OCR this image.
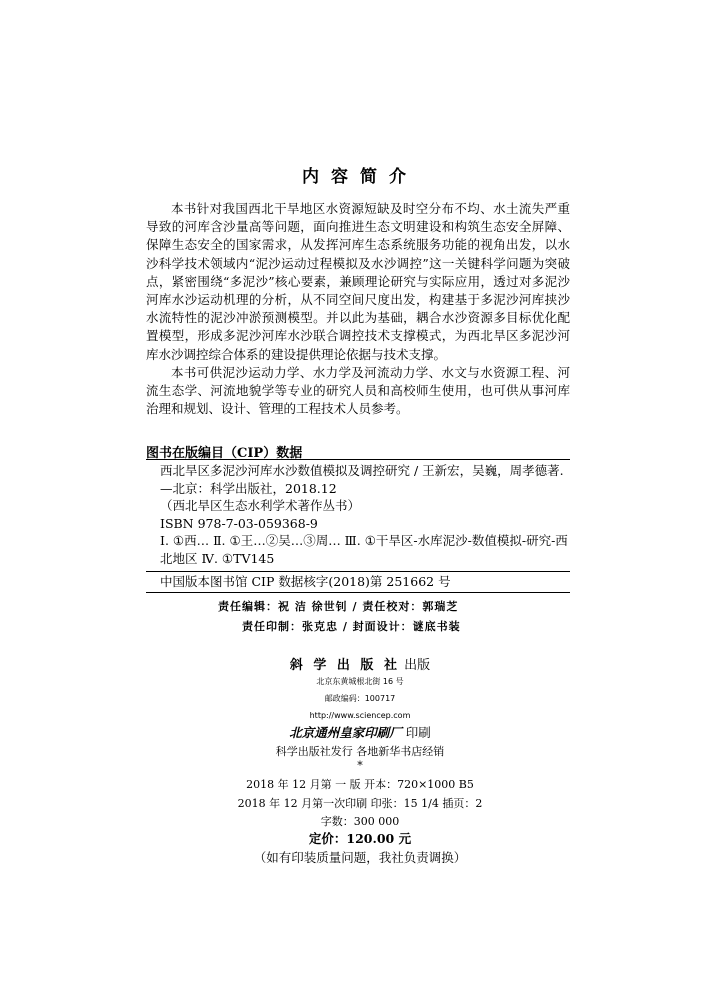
内容简介

本书针对我国西北干旱地区水资源短缺及时空分布不均、水土流失严重导致的河库含沙量高等问题，面向推进生态文明建设和构筑生态安全屏障、保障生态安全的国家需求，从发挥河库生态系统服务功能的视角出发，以水沙科学技术领域内“泥沙运动过程模拟及水沙调控”这一关键科学问题为突破点，紧密围绕“多泥沙”核心要素，兼顾理论研究与实际应用，透过对多泥沙河库水沙运动机理的分析，从不同空间尺度出发，构建基于多泥沙河库挟沙水流特性的泥沙冲淤预测模型。并以此为基础，耦合水沙资源多目标优化配置模型，形成多泥沙河库水沙联合调控技术支撑模式，为西北旱区多泥沙河库水沙调控综合体系的建设提供理论依据与技术支撑。

本书可供泥沙运动力学、水力学及河流动力学、水文与水资源工程、河流生态学、河流地貌学等专业的研究人员和高校师生使用，也可供从事河库治理和规划、设计、管理的工程技术人员参考。

图书在版编目（CIP）数据
西北旱区多泥沙河库水沙数值模拟及调控研究 / 王新宏，吴巍，周孝德著. —北京：科学出版社，2018.12
（西北旱区生态水利学术著作丛书）
ISBN 978-7-03-059368-9
Ⅰ. ①西… Ⅱ. ①王…②吴…③周… Ⅲ. ①干旱区-水库泥沙-数值模拟-研究-西北地区 Ⅳ. ①TV145
中国版本图书馆 CIP 数据核字(2018)第 251662 号
责任编辑：祝 洁 徐世钊 / 责任校对：郭瑞芝
责任印制：张克忠 / 封面设计：谜底书装
斜 学 出 版 社 出版
北京东黄城根北街 16 号
邮政编码：100717
http://www.sciencep.com
北京通州皇家印刷厂 印刷
科学出版社发行 各地新华书店经销
*
2018 年 12 月第 一 版 开本：720×1000 B5
2018 年 12 月第一次印刷 印张：15 1/4 插页：2
字数：300 000
定价：120.00 元
（如有印装质量问题，我社负责调换）
